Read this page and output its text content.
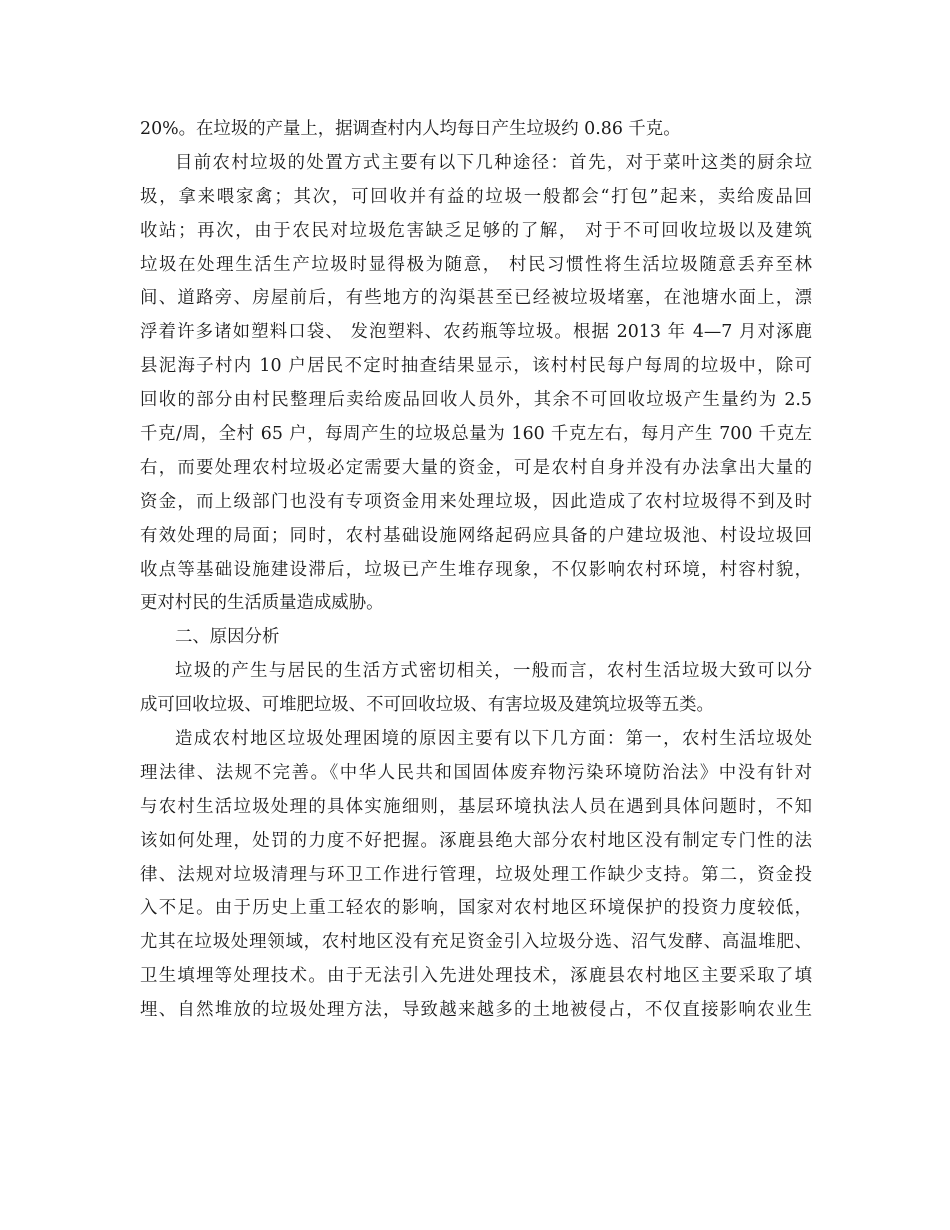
20%。在垃圾的产量上，据调查村内人均每日产生垃圾约 0.86 千克。
目前农村垃圾的处置方式主要有以下几种途径：首先，对于菜叶这类的厨余垃
圾，拿来喂家禽；其次，可回收并有益的垃圾一般都会“打包”起来，卖给废品回
收站；再次，由于农民对垃圾危害缺乏足够的了解， 对于不可回收垃圾以及建筑
垃圾在处理生活生产垃圾时显得极为随意， 村民习惯性将生活垃圾随意丢弃至林
间、道路旁、房屋前后，有些地方的沟渠甚至已经被垃圾堵塞，在池塘水面上，漂
浮着许多诸如塑料口袋、 发泡塑料、农药瓶等垃圾。根据 2013 年 4—7 月对涿鹿
县泥海子村内 10 户居民不定时抽查结果显示，该村村民每户每周的垃圾中，除可
回收的部分由村民整理后卖给废品回收人员外，其余不可回收垃圾产生量约为 2.5
千克/周，全村 65 户，每周产生的垃圾总量为 160 千克左右，每月产生 700 千克左
右，而要处理农村垃圾必定需要大量的资金，可是农村自身并没有办法拿出大量的
资金，而上级部门也没有专项资金用来处理垃圾，因此造成了农村垃圾得不到及时
有效处理的局面；同时，农村基础设施网络起码应具备的户建垃圾池、村设垃圾回
收点等基础设施建设滞后，垃圾已产生堆存现象，不仅影响农村环境，村容村貌，
更对村民的生活质量造成威胁。
二、原因分析
垃圾的产生与居民的生活方式密切相关，一般而言，农村生活垃圾大致可以分
成可回收垃圾、可堆肥垃圾、不可回收垃圾、有害垃圾及建筑垃圾等五类。
造成农村地区垃圾处理困境的原因主要有以下几方面：第一，农村生活垃圾处
理法律、法规不完善。《中华人民共和国固体废弃物污染环境防治法》中没有针对
与农村生活垃圾处理的具体实施细则，基层环境执法人员在遇到具体问题时，不知
该如何处理，处罚的力度不好把握。涿鹿县绝大部分农村地区没有制定专门性的法
律、法规对垃圾清理与环卫工作进行管理，垃圾处理工作缺少支持。第二，资金投
入不足。由于历史上重工轻农的影响，国家对农村地区环境保护的投资力度较低，
尤其在垃圾处理领域，农村地区没有充足资金引入垃圾分选、沼气发酵、高温堆肥、
卫生填埋等处理技术。由于无法引入先进处理技术，涿鹿县农村地区主要采取了填
埋、自然堆放的垃圾处理方法，导致越来越多的土地被侵占，不仅直接影响农业生
